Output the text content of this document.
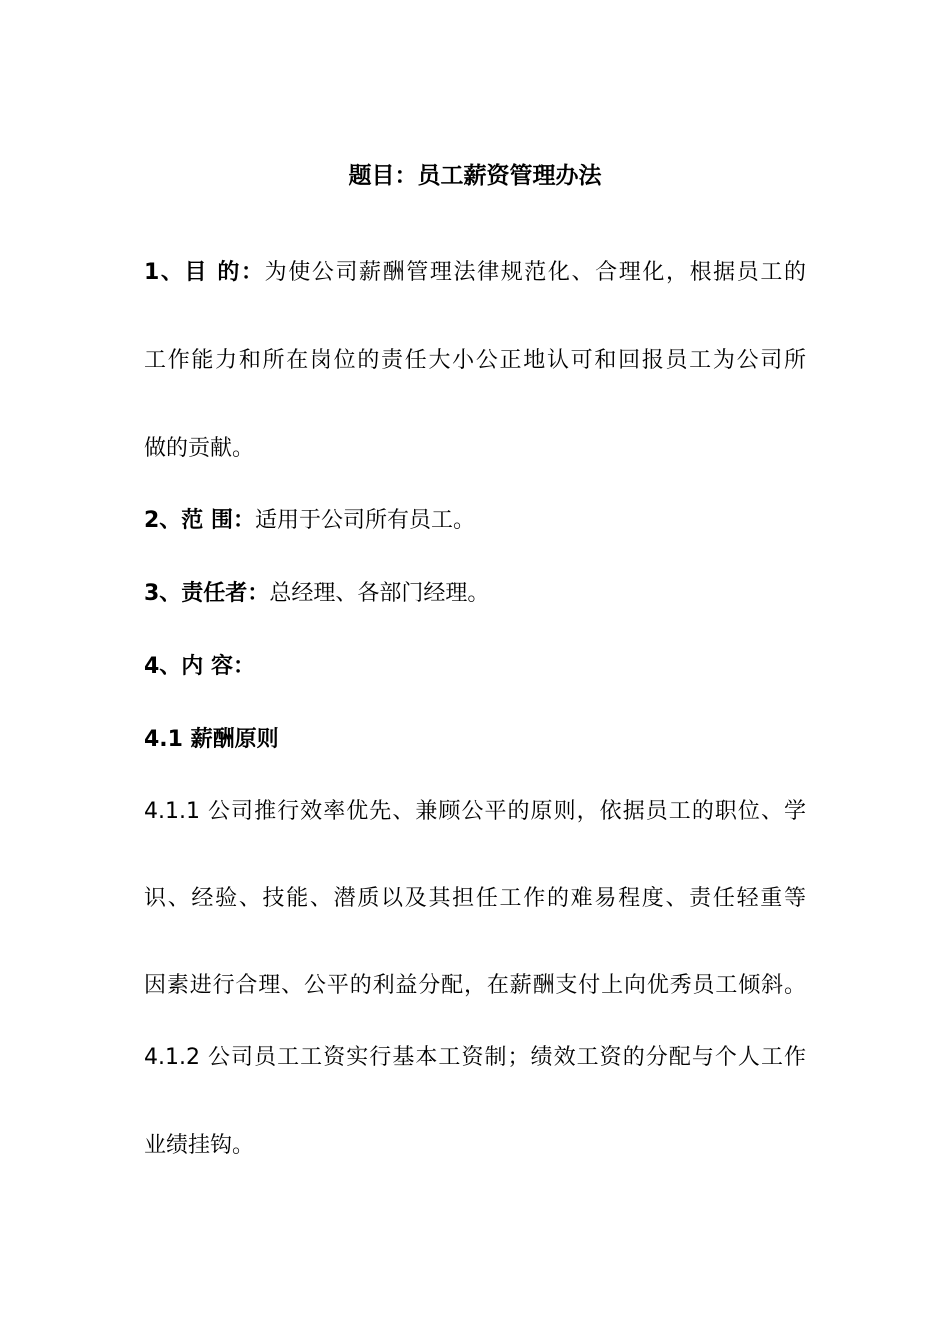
题目：员工薪资管理办法
1、目 的：为使公司薪酬管理法律规范化、合理化，根据员工的
工作能力和所在岗位的责任大小公正地认可和回报员工为公司所
做的贡献。
2、范 围：适用于公司所有员工。
3、责任者：总经理、各部门经理。
4、内 容：
4.1 薪酬原则
4.1.1 公司推行效率优先、兼顾公平的原则，依据员工的职位、学
识、经验、技能、潜质以及其担任工作的难易程度、责任轻重等
因素进行合理、公平的利益分配，在薪酬支付上向优秀员工倾斜。
4.1.2 公司员工工资实行基本工资制；绩效工资的分配与个人工作
业绩挂钩。
